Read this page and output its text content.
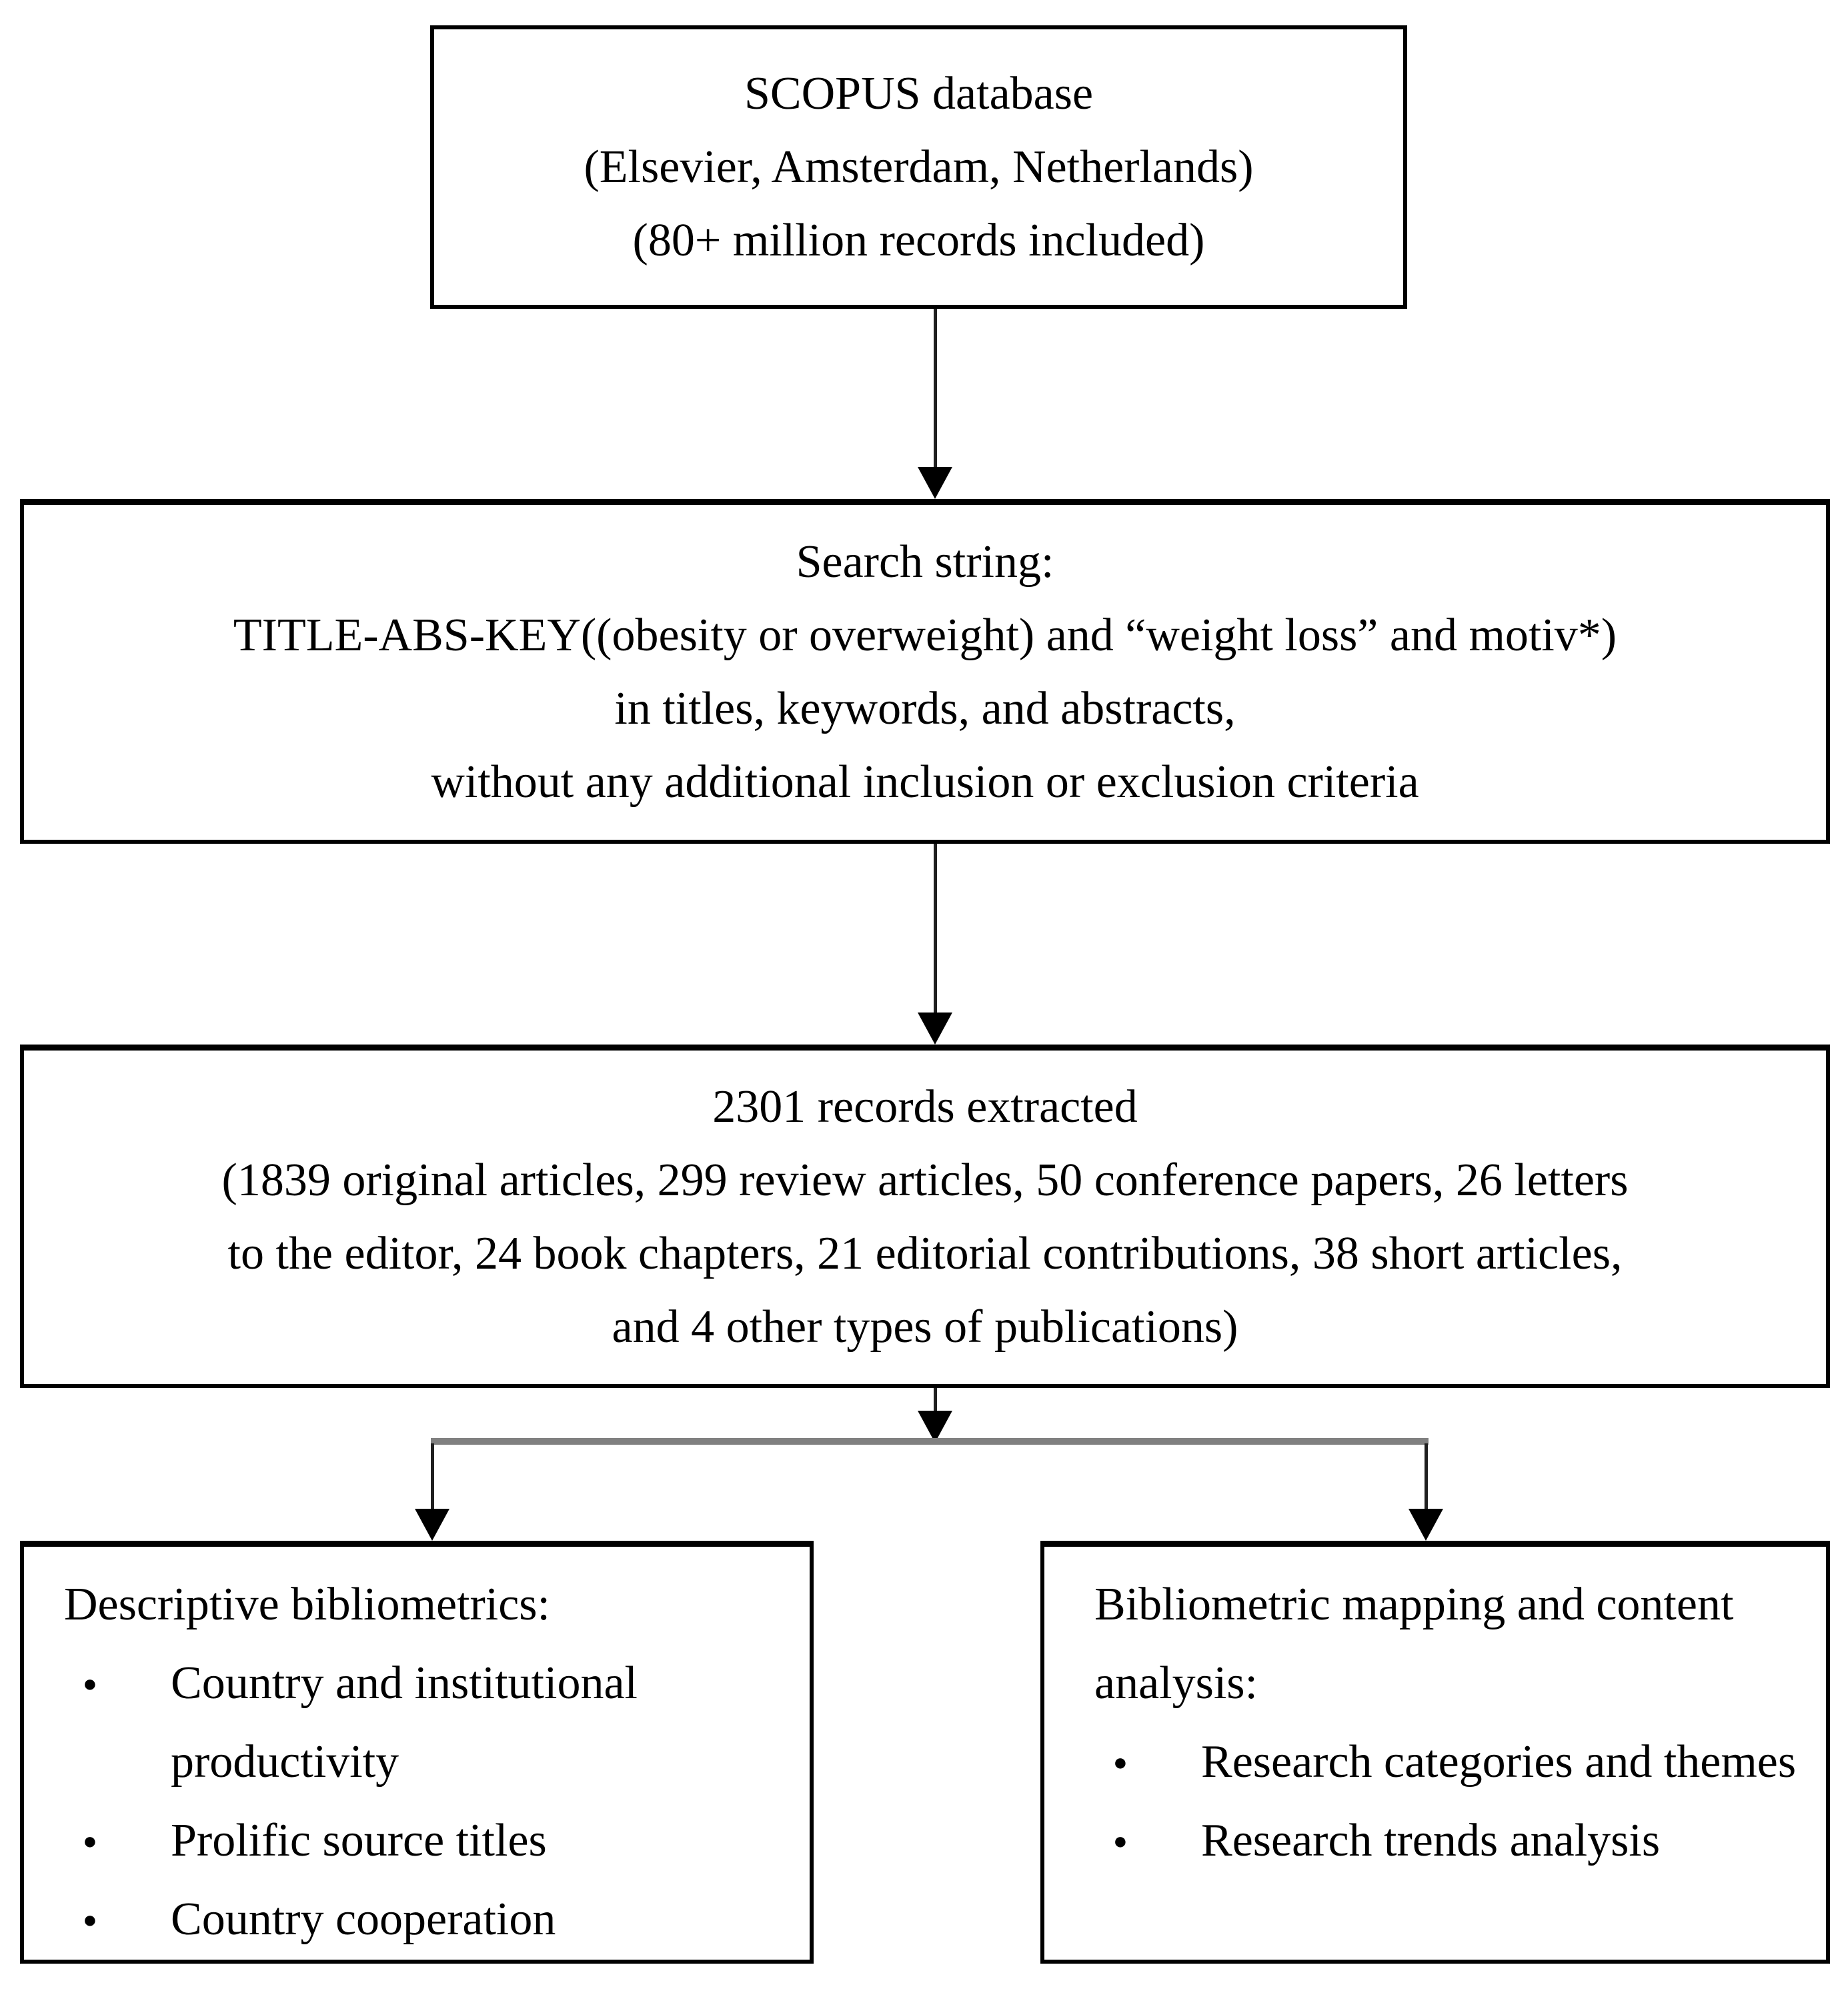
SCOPUS database
(Elsevier, Amsterdam, Netherlands)
(80+ million records included)
Search string:
TITLE-ABS-KEY((obesity or overweight) and “weight loss” and motiv*)
in titles, keywords, and abstracts,
without any additional inclusion or exclusion criteria
2301 records extracted
(1839 original articles, 299 review articles, 50 conference papers, 26 letters
to the editor, 24 book chapters, 21 editorial contributions, 38 short articles,
and 4 other types of publications)
Descriptive bibliometrics:
●	Country and institutional productivity
●	Prolific source titles
●	Country cooperation
Bibliometric mapping and content analysis:
●	Research categories and themes
●	Research trends analysis
